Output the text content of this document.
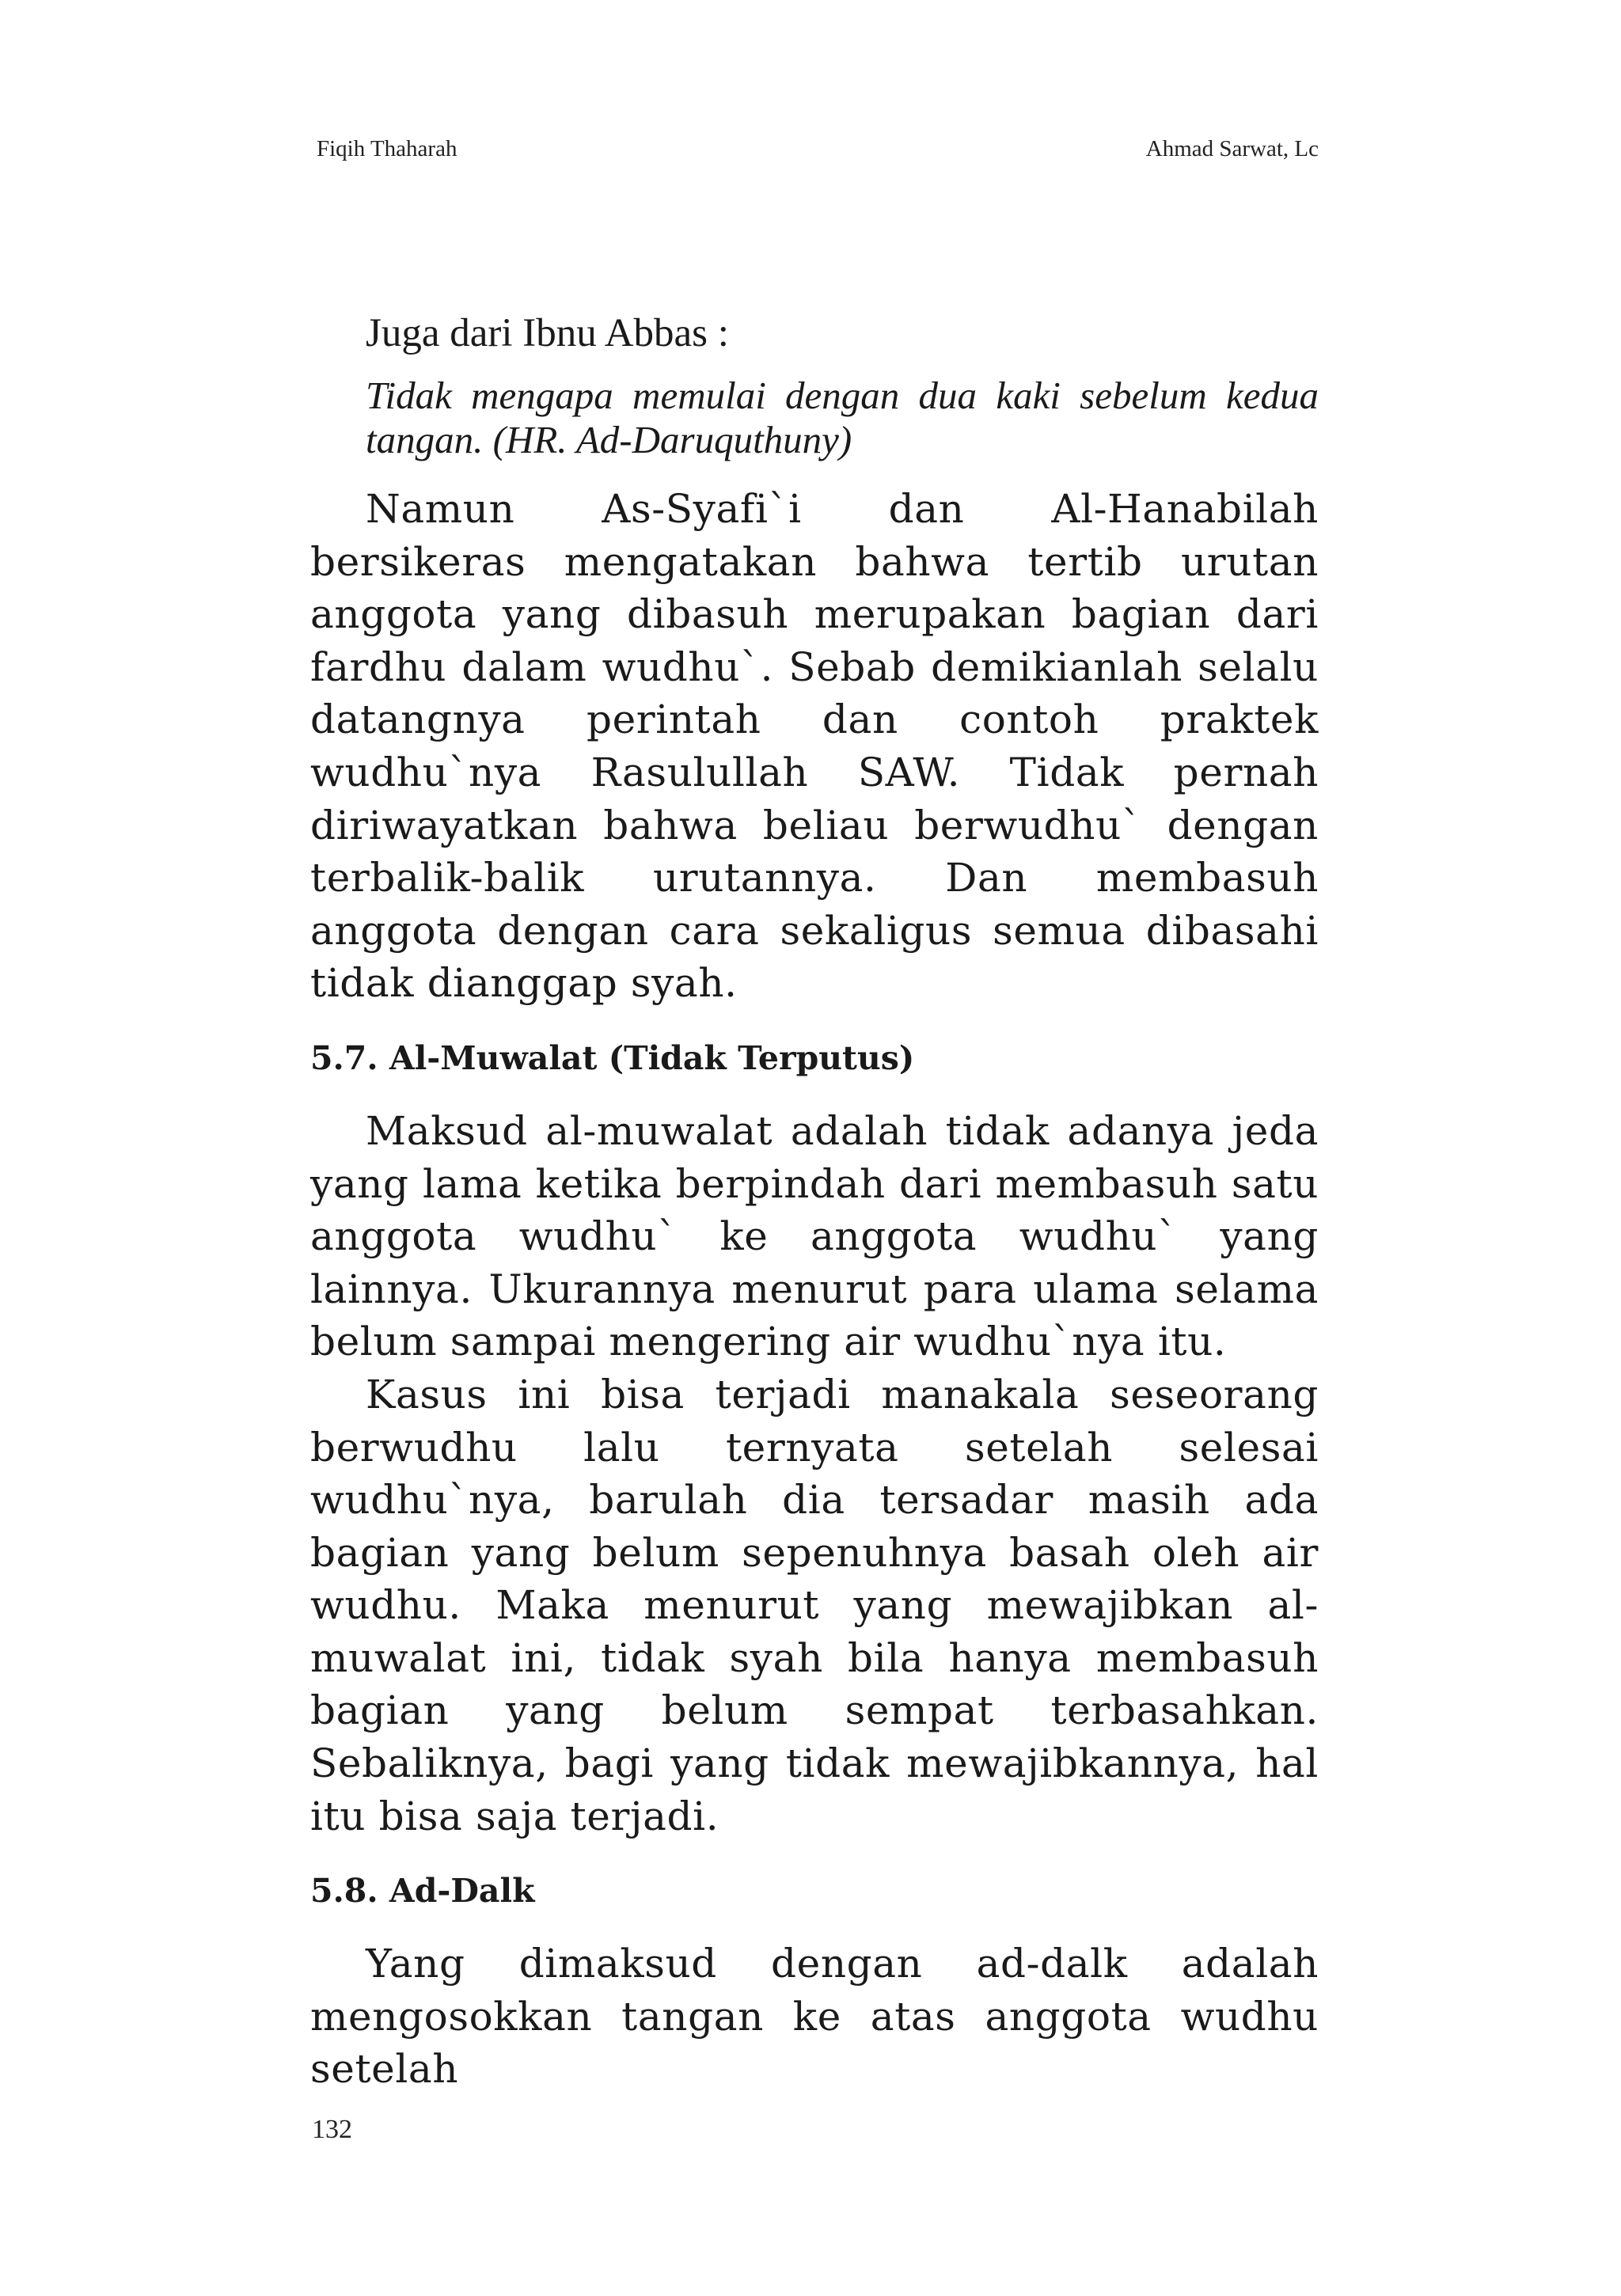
Fiqih Thaharah	Ahmad Sarwat, Lc

Juga dari Ibnu Abbas :

Tidak mengapa memulai dengan dua kaki sebelum kedua tangan. (HR. Ad-Daruquthuny)

Namun As-Syafi`i dan Al-Hanabilah bersikeras mengatakan bahwa tertib urutan anggota yang dibasuh merupakan bagian dari fardhu dalam wudhu`. Sebab demikianlah selalu datangnya perintah dan contoh praktek wudhu`nya Rasulullah SAW. Tidak pernah diriwayatkan bahwa beliau berwudhu` dengan terbalik-balik urutannya. Dan membasuh anggota dengan cara sekaligus semua dibasahi tidak dianggap syah.

5.7. Al-Muwalat (Tidak Terputus)

Maksud al-muwalat adalah tidak adanya jeda yang lama ketika berpindah dari membasuh satu anggota wudhu` ke anggota wudhu` yang lainnya. Ukurannya menurut para ulama selama belum sampai mengering air wudhu`nya itu.

Kasus ini bisa terjadi manakala seseorang berwudhu lalu ternyata setelah selesai wudhu`nya, barulah dia tersadar masih ada bagian yang belum sepenuhnya basah oleh air wudhu. Maka menurut yang mewajibkan al-muwalat ini, tidak syah bila hanya membasuh bagian yang belum sempat terbasahkan. Sebaliknya, bagi yang tidak mewajibkannya, hal itu bisa saja terjadi.

5.8. Ad-Dalk

Yang dimaksud dengan ad-dalk adalah mengosokkan tangan ke atas anggota wudhu setelah

132
